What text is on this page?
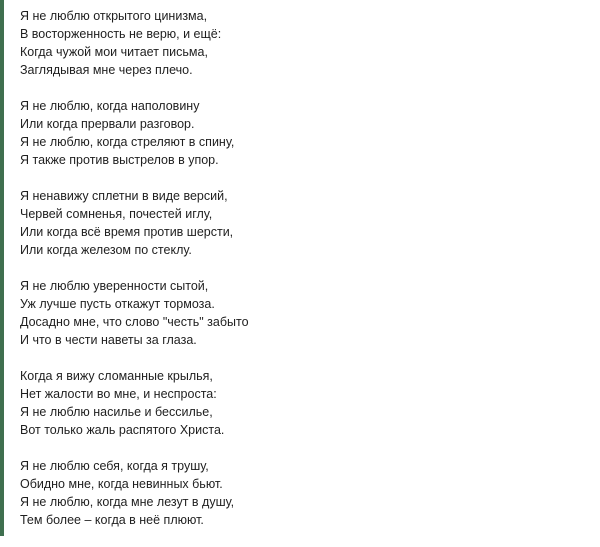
Я не люблю открытого цинизма,
В восторженность не верю, и ещё:
Когда чужой мои читает письма,
Заглядывая мне через плечо.
Я не люблю, когда наполовину
Или когда прервали разговор.
Я не люблю, когда стреляют в спину,
Я также против выстрелов в упор.
Я ненавижу сплетни в виде версий,
Червей сомненья, почестей иглу,
Или когда всё время против шерсти,
Или когда железом по стеклу.
Я не люблю уверенности сытой,
Уж лучше пусть откажут тормоза.
Досадно мне, что слово "честь" забыто
И что в чести наветы за глаза.
Когда я вижу сломанные крылья,
Нет жалости во мне, и неспроста:
Я не люблю насилье и бессилье,
Вот только жаль распятого Христа.
Я не люблю себя, когда я трушу,
Обидно мне, когда невинных бьют.
Я не люблю, когда мне лезут в душу,
Тем более – когда в неё плюют.
